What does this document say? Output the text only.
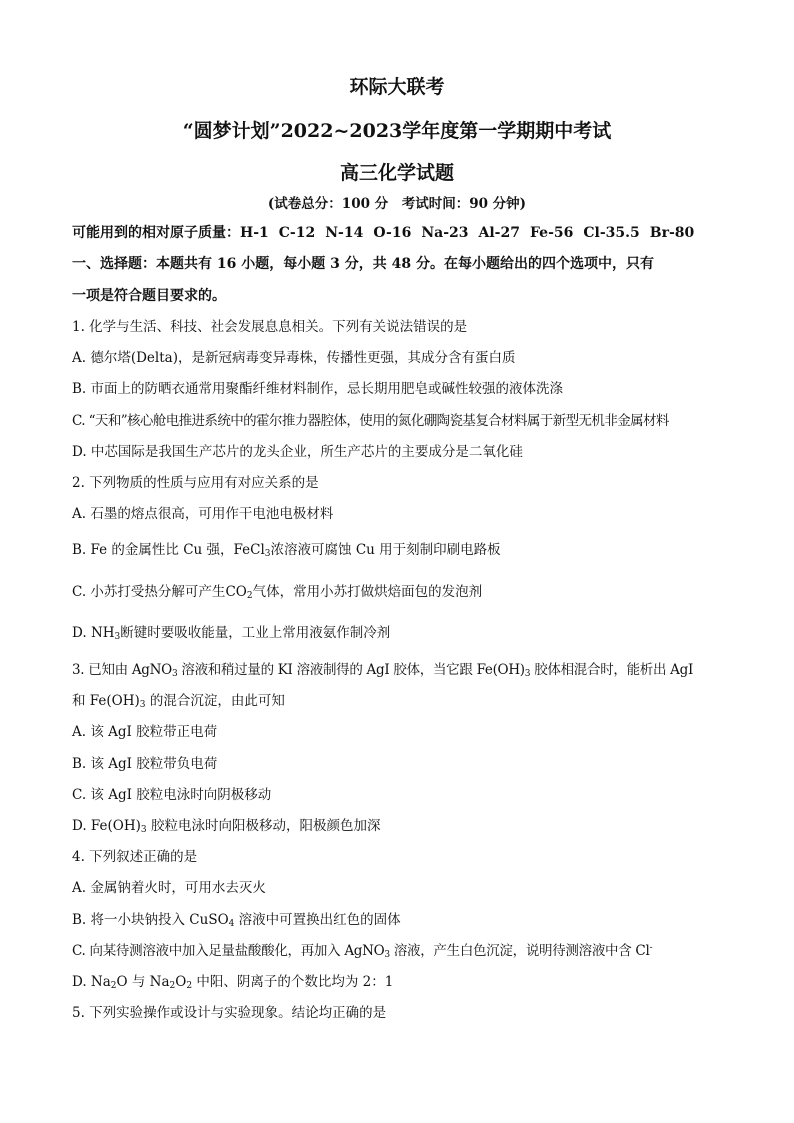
环际大联考
“圆梦计划”2022~2023学年度第一学期期中考试
高三化学试题
(试卷总分：100 分　考试时间：90 分钟)
可能用到的相对原子质量：H-1 C-12 N-14 O-16 Na-23 Al-27 Fe-56 Cl-35.5 Br-80
一、选择题：本题共有 16 小题，每小题 3 分，共 48 分。在每小题给出的四个选项中，只有
一项是符合题目要求的。
1. 化学与生活、科技、社会发展息息相关。下列有关说法错误的是
A. 德尔塔(Delta)，是新冠病毒变异毒株，传播性更强，其成分含有蛋白质
B. 市面上的防晒衣通常用聚酯纤维材料制作，忌长期用肥皂或碱性较强的液体洗涤
C. “天和”核心舱电推进系统中的霍尔推力器腔体，使用的氮化硼陶瓷基复合材料属于新型无机非金属材料
D. 中芯国际是我国生产芯片的龙头企业，所生产芯片的主要成分是二氧化硅
2. 下列物质的性质与应用有对应关系的是
A. 石墨的熔点很高，可用作干电池电极材料
B. Fe 的金属性比 Cu 强，FeCl$_3$浓溶液可腐蚀 Cu 用于刻制印刷电路板
C. 小苏打受热分解可产生$CO_2$气体，常用小苏打做烘焙面包的发泡剂
D. $NH_3$断键时要吸收能量，工业上常用液氨作制冷剂
3. 已知由 AgNO$_3$ 溶液和稍过量的 KI 溶液制得的 AgI 胶体，当它跟 $Fe(OH)_3$ 胶体相混合时，能析出 AgI
和 $Fe(OH)_3$ 的混合沉淀，由此可知
A. 该 AgI 胶粒带正电荷
B. 该 AgI 胶粒带负电荷
C. 该 AgI 胶粒电泳时向阴极移动
D. $Fe(OH)_3$ 胶粒电泳时向阳极移动，阳极颜色加深
4. 下列叙述正确的是
A. 金属钠着火时，可用水去灭火
B. 将一小块钠投入 CuSO$_4$ 溶液中可置换出红色的固体
C. 向某待测溶液中加入足量盐酸酸化，再加入 AgNO$_3$ 溶液，产生白色沉淀，说明待测溶液中含 Cl-
D. $Na_2O$ 与 $Na_2O_2$ 中阳、阴离子的个数比均为 2：1
5. 下列实验操作或设计与实验现象。结论均正确的是
